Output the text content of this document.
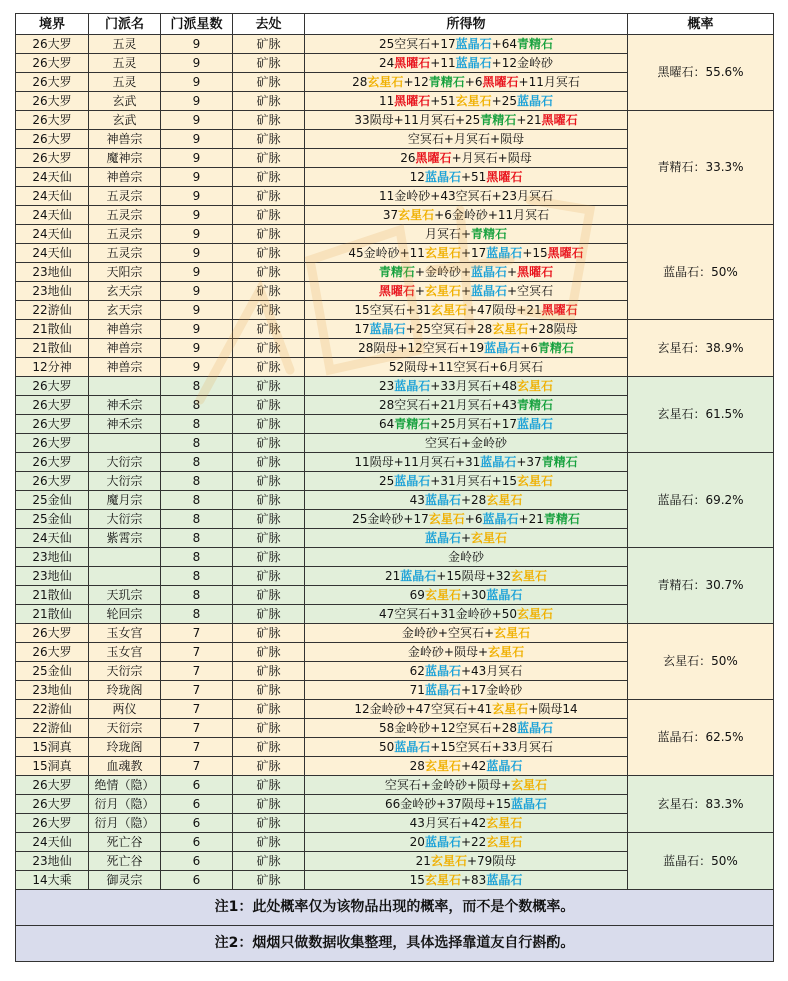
境界	门派名	门派星数	去处	所得物	概率
26大罗	五灵	9	矿脉	25空冥石+17蓝晶石+64青精石	黑曜石：55.6%
26大罗	五灵	9	矿脉	24黑曜石+11蓝晶石+12金岭砂	
26大罗	五灵	9	矿脉	28玄星石+12青精石+6黑曜石+11月冥石	
26大罗	玄武	9	矿脉	11黑曜石+51玄星石+25蓝晶石	
26大罗	玄武	9	矿脉	33陨母+11月冥石+25青精石+21黑曜石	青精石：33.3%
26大罗	神兽宗	9	矿脉	空冥石+月冥石+陨母	
26大罗	魔神宗	9	矿脉	26黑曜石+月冥石+陨母	
24天仙	神兽宗	9	矿脉	12蓝晶石+51黑曜石	
24天仙	五灵宗	9	矿脉	11金岭砂+43空冥石+23月冥石	
24天仙	五灵宗	9	矿脉	37玄星石+6金岭砂+11月冥石	
24天仙	五灵宗	9	矿脉	月冥石+青精石	蓝晶石：50%
24天仙	五灵宗	9	矿脉	45金岭砂+11玄星石+17蓝晶石+15黑曜石	
23地仙	天阳宗	9	矿脉	青精石+金岭砂+蓝晶石+黑曜石	
23地仙	玄天宗	9	矿脉	黑曜石+玄星石+蓝晶石+空冥石	
22游仙	玄天宗	9	矿脉	15空冥石+31玄星石+47陨母+21黑曜石	
21散仙	神兽宗	9	矿脉	17蓝晶石+25空冥石+28玄星石+28陨母	玄星石：38.9%
21散仙	神兽宗	9	矿脉	28陨母+12空冥石+19蓝晶石+6青精石	
12分神	神兽宗	9	矿脉	52陨母+11空冥石+6月冥石	
26大罗		8	矿脉	23蓝晶石+33月冥石+48玄星石	玄星石：61.5%
26大罗	神禾宗	8	矿脉	28空冥石+21月冥石+43青精石	
26大罗	神禾宗	8	矿脉	64青精石+25月冥石+17蓝晶石	
26大罗		8	矿脉	空冥石+金岭砂	
26大罗	大衍宗	8	矿脉	11陨母+11月冥石+31蓝晶石+37青精石	蓝晶石：69.2%
26大罗	大衍宗	8	矿脉	25蓝晶石+31月冥石+15玄星石	
25金仙	魔月宗	8	矿脉	43蓝晶石+28玄星石	
25金仙	大衍宗	8	矿脉	25金岭砂+17玄星石+6蓝晶石+21青精石	
24天仙	紫霄宗	8	矿脉	蓝晶石+玄星石	
23地仙		8	矿脉	金岭砂	青精石：30.7%
23地仙		8	矿脉	21蓝晶石+15陨母+32玄星石	
21散仙	天玑宗	8	矿脉	69玄星石+30蓝晶石	
21散仙	轮回宗	8	矿脉	47空冥石+31金岭砂+50玄星石	
26大罗	玉女宫	7	矿脉	金岭砂+空冥石+玄星石	玄星石：50%
26大罗	玉女宫	7	矿脉	金岭砂+陨母+玄星石	
25金仙	天衍宗	7	矿脉	62蓝晶石+43月冥石	
23地仙	玲珑阁	7	矿脉	71蓝晶石+17金岭砂	
22游仙	两仪	7	矿脉	12金岭砂+47空冥石+41玄星石+陨母14	蓝晶石：62.5%
22游仙	天衍宗	7	矿脉	58金岭砂+12空冥石+28蓝晶石	
15洞真	玲珑阁	7	矿脉	50蓝晶石+15空冥石+33月冥石	
15洞真	血魂教	7	矿脉	28玄星石+42蓝晶石	
26大罗	绝情（隐）	6	矿脉	空冥石+金岭砂+陨母+玄星石	玄星石：83.3%
26大罗	衍月（隐）	6	矿脉	66金岭砂+37陨母+15蓝晶石	
26大罗	衍月（隐）	6	矿脉	43月冥石+42玄星石	
24天仙	死亡谷	6	矿脉	20蓝晶石+22玄星石	蓝晶石：50%
23地仙	死亡谷	6	矿脉	21玄星石+79陨母	
14大乘	御灵宗	6	矿脉	15玄星石+83蓝晶石	
注1：此处概率仅为该物品出现的概率，而不是个数概率。					
注2：烟烟只做数据收集整理，具体选择靠道友自行斟酌。					
